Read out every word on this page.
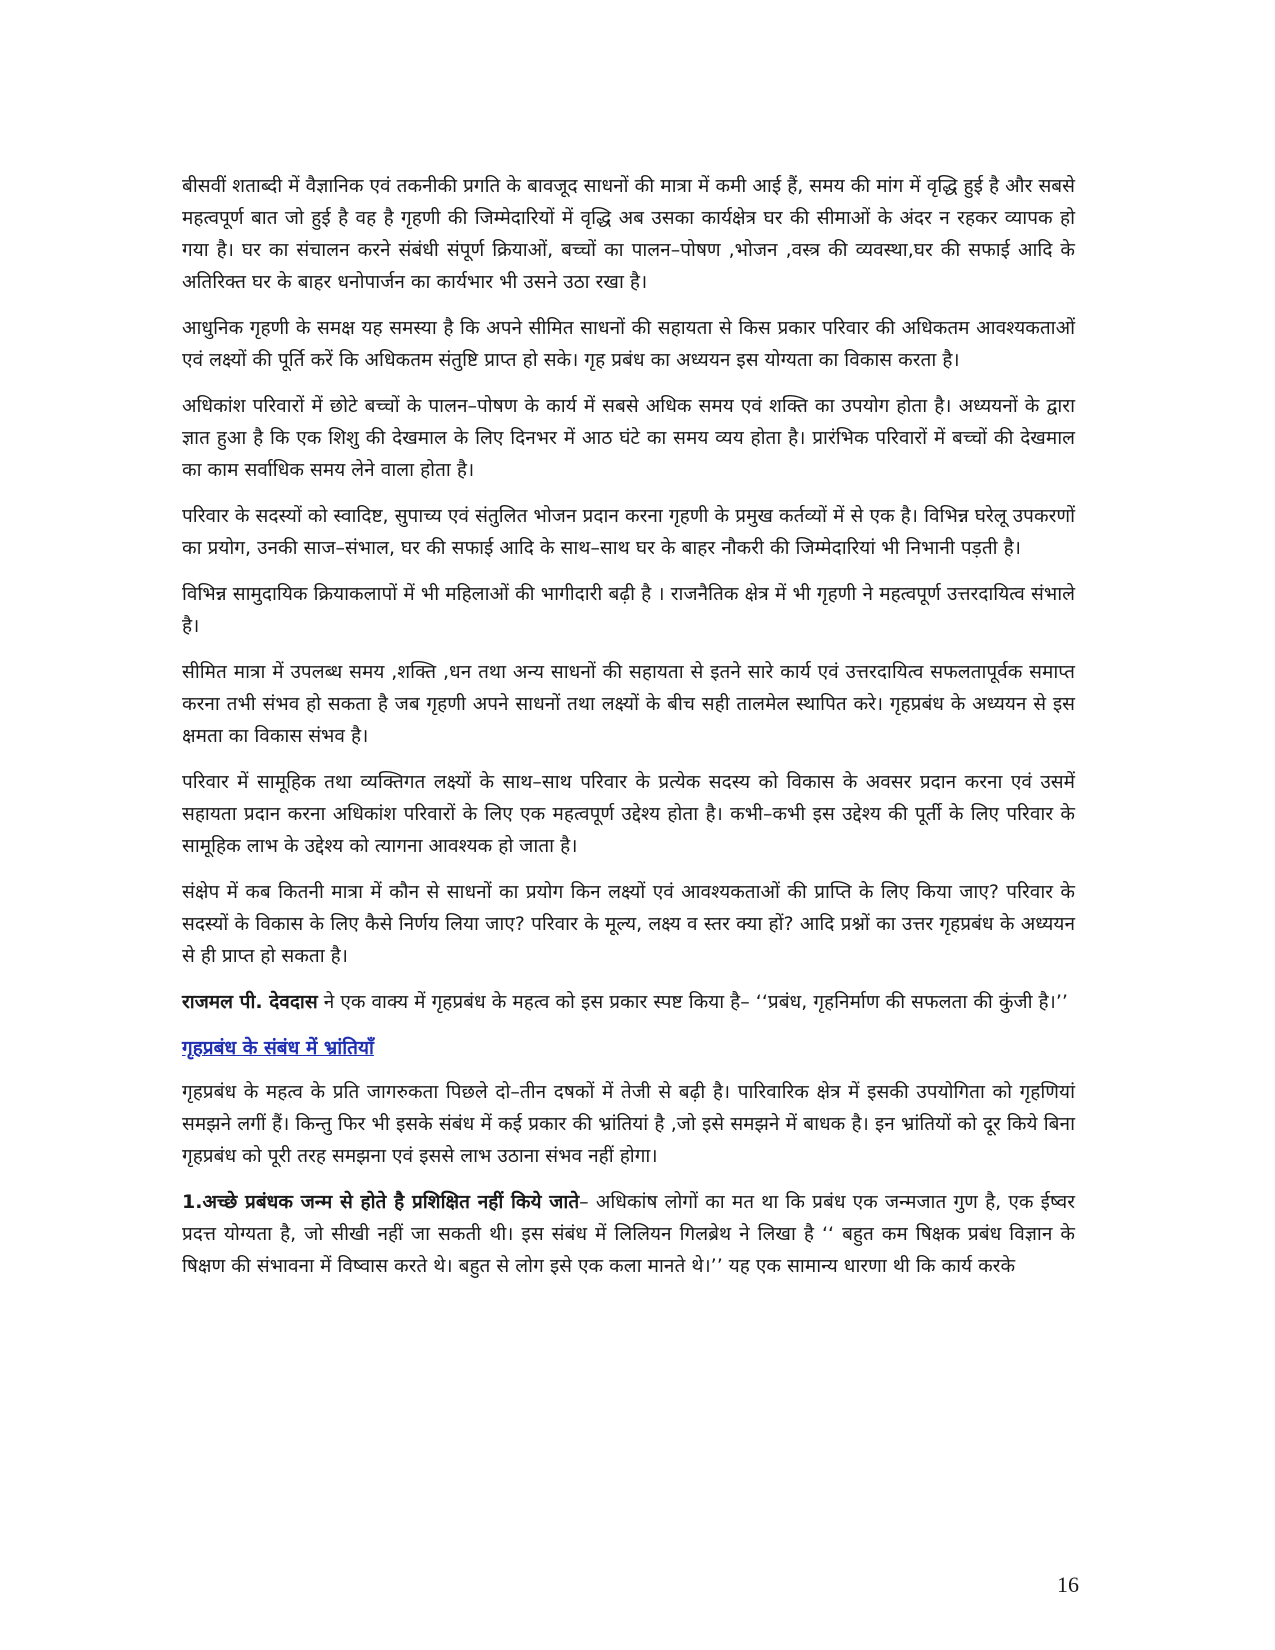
बीसवीं शताब्दी में वैज्ञानिक एवं तकनीकी प्रगति के बावजूद साधनों की मात्रा में कमी आई हैं, समय की मांग में वृद्धि हुई है और सबसे महत्वपूर्ण बात जो हुई है वह है गृहणी की जिम्मेदारियों में वृद्धि अब उसका कार्यक्षेत्र घर की सीमाओं के अंदर न रहकर व्यापक हो गया है। घर का संचालन करने संबंधी संपूर्ण क्रियाओं, बच्चों का पालन–पोषण ,भोजन ,वस्त्र की व्यवस्था,घर की सफाई आदि के अतिरिक्त घर के बाहर धनोपार्जन का कार्यभार भी उसने उठा रखा है।

आधुनिक गृहणी के समक्ष यह समस्या है कि अपने सीमित साधनों की सहायता से किस प्रकार परिवार की अधिकतम आवश्यकताओं एवं लक्ष्यों की पूर्ति करें कि अधिकतम संतुष्टि प्राप्त हो सके। गृह प्रबंध का अध्ययन इस योग्यता का विकास करता है।

अधिकांश परिवारों में छोटे बच्चों के पालन–पोषण के कार्य में सबसे अधिक समय एवं शक्ति का उपयोग होता है। अध्ययनों के द्वारा ज्ञात हुआ है कि एक शिशु की देखमाल के लिए दिनभर में आठ घंटे का समय व्यय होता है। प्रारंभिक परिवारों में बच्चों की देखमाल का काम सर्वाधिक समय लेने वाला होता है।

परिवार के सदस्यों को स्वादिष्ट, सुपाच्य एवं संतुलित भोजन प्रदान करना गृहणी के प्रमुख कर्तव्यों में से एक है। विभिन्न घरेलू उपकरणों का प्रयोग, उनकी साज–संभाल, घर की सफाई आदि के साथ–साथ घर के बाहर नौकरी की जिम्मेदारियां भी निभानी पड़ती है।

विभिन्न सामुदायिक क्रियाकलापों में भी महिलाओं की भागीदारी बढ़ी है । राजनैतिक क्षेत्र में भी गृहणी ने महत्वपूर्ण उत्तरदायित्व संभाले है।

सीमित मात्रा में उपलब्ध समय ,शक्ति ,धन तथा अन्य साधनों की सहायता से इतने सारे कार्य एवं उत्तरदायित्व सफलतापूर्वक समाप्त करना तभी संभव हो सकता है जब गृहणी अपने साधनों तथा लक्ष्यों के बीच सही तालमेल स्थापित करे। गृहप्रबंध के अध्ययन से इस क्षमता का विकास संभव है।

परिवार में सामूहिक तथा व्यक्तिगत लक्ष्यों के साथ–साथ परिवार के प्रत्येक सदस्य को विकास के अवसर प्रदान करना एवं उसमें सहायता प्रदान करना अधिकांश परिवारों के लिए एक महत्वपूर्ण उद्देश्य होता है। कभी–कभी इस उद्देश्य की पूर्ती के लिए परिवार के सामूहिक लाभ के उद्देश्य को त्यागना आवश्यक हो जाता है।

संक्षेप में कब कितनी मात्रा में कौन से साधनों का प्रयोग किन लक्ष्यों एवं आवश्यकताओं की प्राप्ति के लिए किया जाए? परिवार के सदस्यों के विकास के लिए कैसे निर्णय लिया जाए? परिवार के मूल्य, लक्ष्य व स्तर क्या हों? आदि प्रश्नों का उत्तर गृहप्रबंध के अध्ययन से ही प्राप्त हो सकता है।

राजमल पी. देवदास ने एक वाक्य में गृहप्रबंध के महत्व को इस प्रकार स्पष्ट किया है– ‘‘प्रबंध, गृहनिर्माण की सफलता की कुंजी है।’’

गृहप्रबंध के संबंध में भ्रांतियाँ

गृहप्रबंध के महत्व के प्रति जागरुकता पिछले दो–तीन दषकों में तेजी से बढ़ी है। पारिवारिक क्षेत्र में इसकी उपयोगिता को गृहणियां समझने लगीं हैं। किन्तु फिर भी इसके संबंध में कई प्रकार की भ्रांतियां है ,जो इसे समझने में बाधक है। इन भ्रांतियों को दूर किये बिना गृहप्रबंध को पूरी तरह समझना एवं इससे लाभ उठाना संभव नहीं होगा।

1.अच्छे प्रबंधक जन्म से होते है प्रशिक्षित नहीं किये जाते– अधिकांष लोगों का मत था कि प्रबंध एक जन्मजात गुण है, एक ईष्वर प्रदत्त योग्यता है, जो सीखी नहीं जा सकती थी। इस संबंध में लिलियन गिलब्रेथ ने लिखा है ‘‘ बहुत कम षिक्षक प्रबंध विज्ञान के षिक्षण की संभावना में विष्वास करते थे। बहुत से लोग इसे एक कला मानते थे।’’ यह एक सामान्य धारणा थी कि कार्य करके

16
